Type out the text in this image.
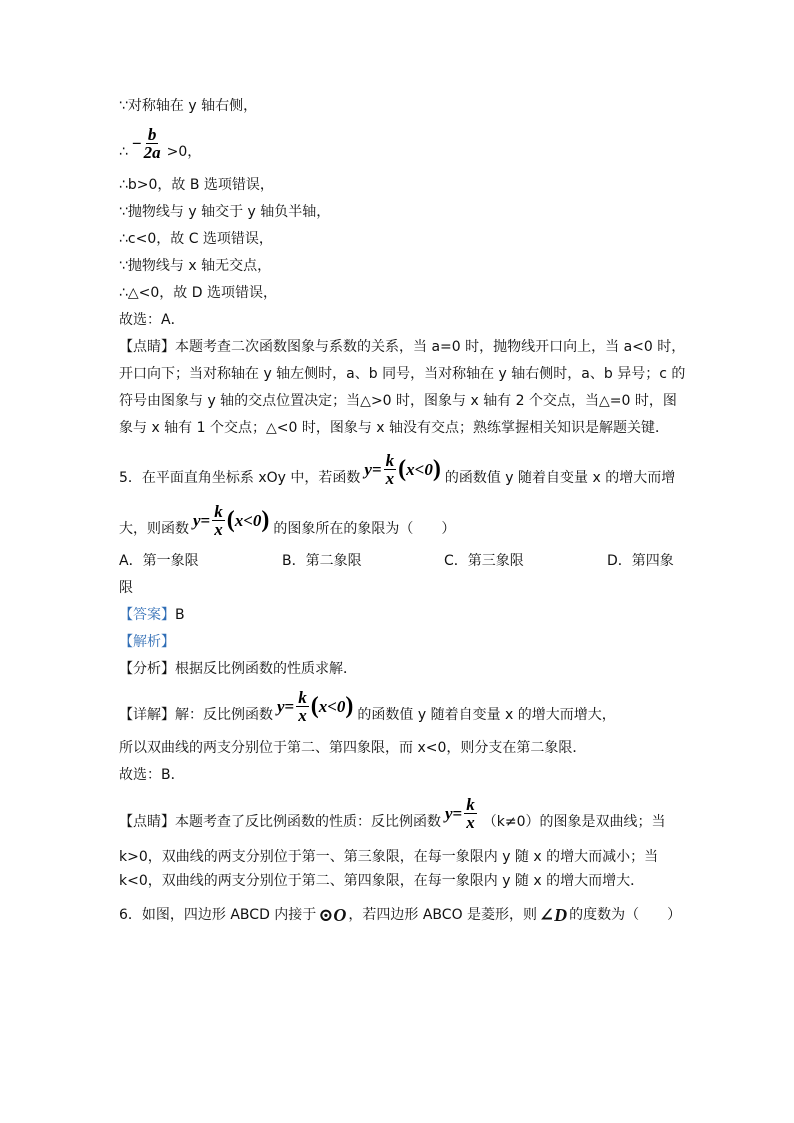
∵对称轴在 y 轴右侧，
∴ − $\frac{b}{2a} >0$，
∴b>0，故 B 选项错误，
∵抛物线与 y 轴交于 y 轴负半轴，
∴c<0，故 C 选项错误，
∵抛物线与 x 轴无交点，
∴△<0，故 D 选项错误，
故选：A．
【点睛】本题考查二次函数图象与系数的关系，当 a=0 时，抛物线开口向上，当 a<0 时，
开口向下；当对称轴在 y 轴左侧时，a、b 同号，当对称轴在 y 轴右侧时，a、b 异号；c 的
符号由图象与 y 轴的交点位置决定；当△>0 时，图象与 x 轴有 2 个交点，当△=0 时，图
象与 x 轴有 1 个交点；△<0 时，图象与 x 轴没有交点；熟练掌握相关知识是解题关键．
5．在平面直角坐标系 xOy 中，若函数 $y = \frac{k}{x}$ ( x<0 ) 的函数值 y 随着自变量 x 的增大而增
大，则函数 $y = \frac{k}{x}$ ( x<0 ) 的图象所在的象限为（　　）
A．第一象限	B．第二象限	C．第三象限	D．第四象
限
【答案】B
【解析】
【分析】根据反比例函数的性质求解．
【详解】 解：反比例函数 $y = \frac{k}{x}$ ( x<0 ) 的函数值 y 随着自变量 x 的增大而增大，
所以双曲线的两支分别位于第二、第四象限，而 x<0，则分支在第二象限．
故选：B．
【点睛】 本题考查了反比例函数的性质：反比例函数 $y = \frac{k}{x} (k\ne 0)$的图象是双曲线；当
k>0，双曲线的两支分别位于第一、第三象限，在每一象限内 y 随 x 的增大而减小；当
k<0，双曲线的两支分别位于第二、第四象限，在每一象限内 y 随 x 的增大而增大．
6．如图，四边形 ABCD 内接于 ⊙O ，若四边形 ABCO 是菱形，则 ∠D 的度数为（　　）
